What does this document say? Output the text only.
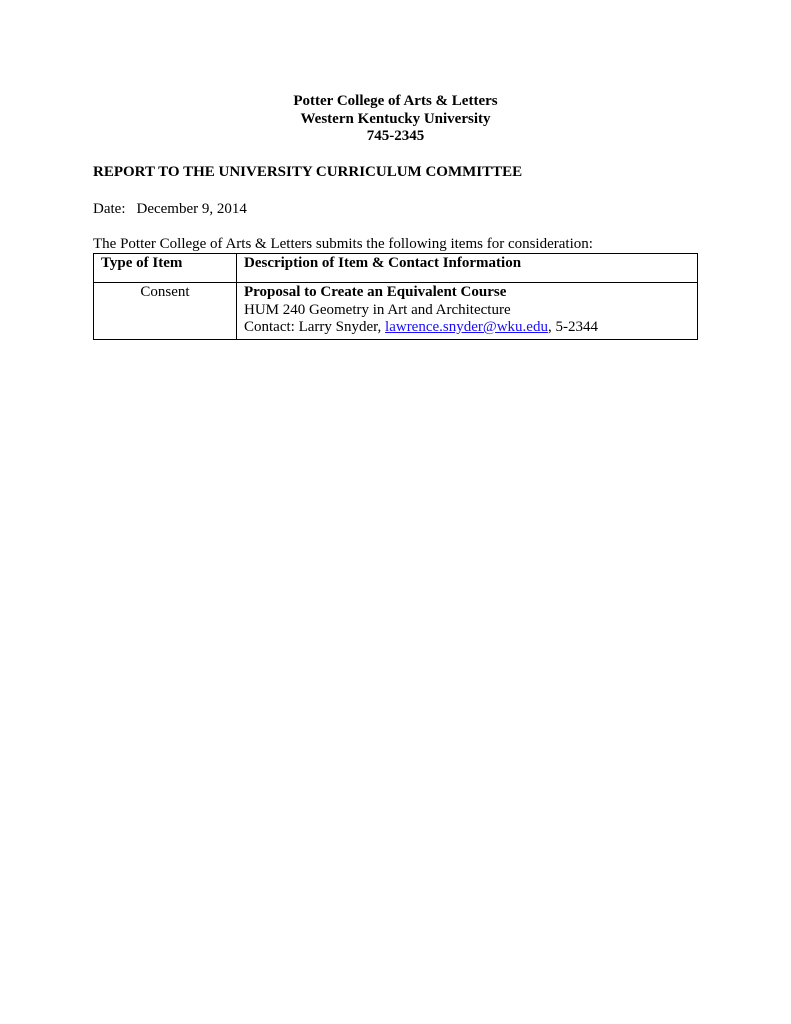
Potter College of Arts & Letters
Western Kentucky University
745-2345
REPORT TO THE UNIVERSITY CURRICULUM COMMITTEE
Date: December 9, 2014
The Potter College of Arts & Letters submits the following items for consideration:
Type of Item	Description of Item & Contact Information
Consent	Proposal to Create an Equivalent Course
HUM 240 Geometry in Art and Architecture
Contact: Larry Snyder, lawrence.snyder@wku.edu, 5-2344
